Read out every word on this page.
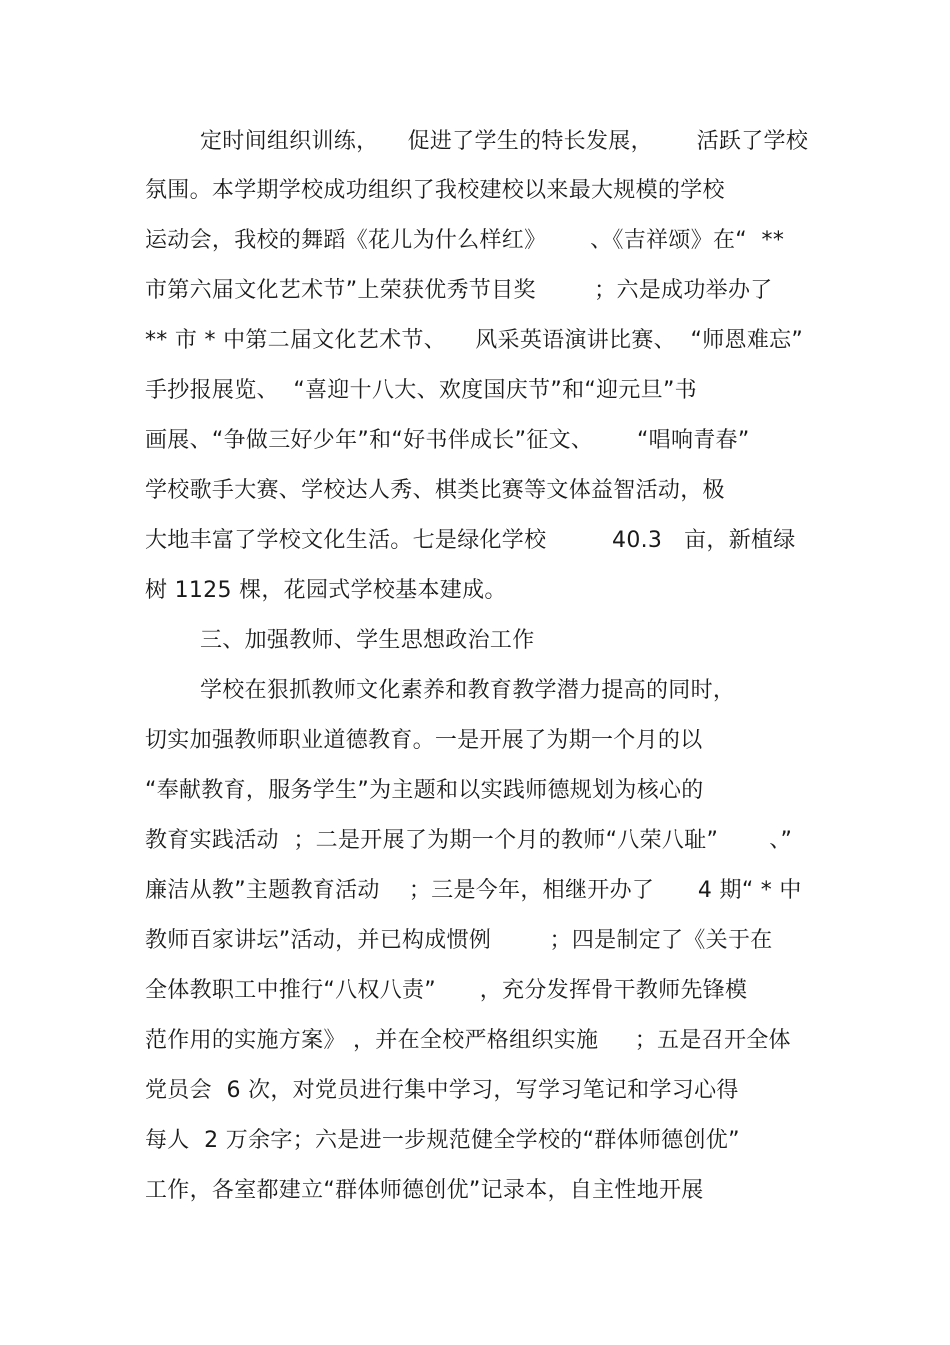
定时间组织训练，    促进了学生的特长发展，      活跃了学校
氛围。本学期学校成功组织了我校建校以来最大规模的学校
运动会，我校的舞蹈《花儿为什么样红》      、《吉祥颂》在“  **
市第六届文化艺术节”上荣获优秀节目奖        ；六是成功举办了
** 市 * 中第二届文化艺术节、    风采英语演讲比赛、  “师恩难忘”
手抄报展览、  “喜迎十八大、欢度国庆节”和“迎元旦”书
画展、“争做三好少年”和“好书伴成长”征文、      “唱响青春”
学校歌手大赛、学校达人秀、棋类比赛等文体益智活动，极
大地丰富了学校文化生活。七是绿化学校         40.3   亩，新植绿
树 1125 棵，花园式学校基本建成。
三、加强教师、学生思想政治工作
学校在狠抓教师文化素养和教育教学潜力提高的同时，
切实加强教师职业道德教育。一是开展了为期一个月的以
“奉献教育，服务学生”为主题和以实践师德规划为核心的
教育实践活动  ；二是开展了为期一个月的教师“八荣八耻”       、”
廉洁从教”主题教育活动    ；三是今年，相继开办了      4 期“ * 中
教师百家讲坛”活动，并已构成惯例        ；四是制定了《关于在
全体教职工中推行“八权八责”      ，充分发挥骨干教师先锋模
范作用的实施方案》 ，并在全校严格组织实施     ；五是召开全体
党员会  6 次，对党员进行集中学习，写学习笔记和学习心得
每人  2 万余字；六是进一步规范健全学校的“群体师德创优”
工作，各室都建立“群体师德创优”记录本，自主性地开展
